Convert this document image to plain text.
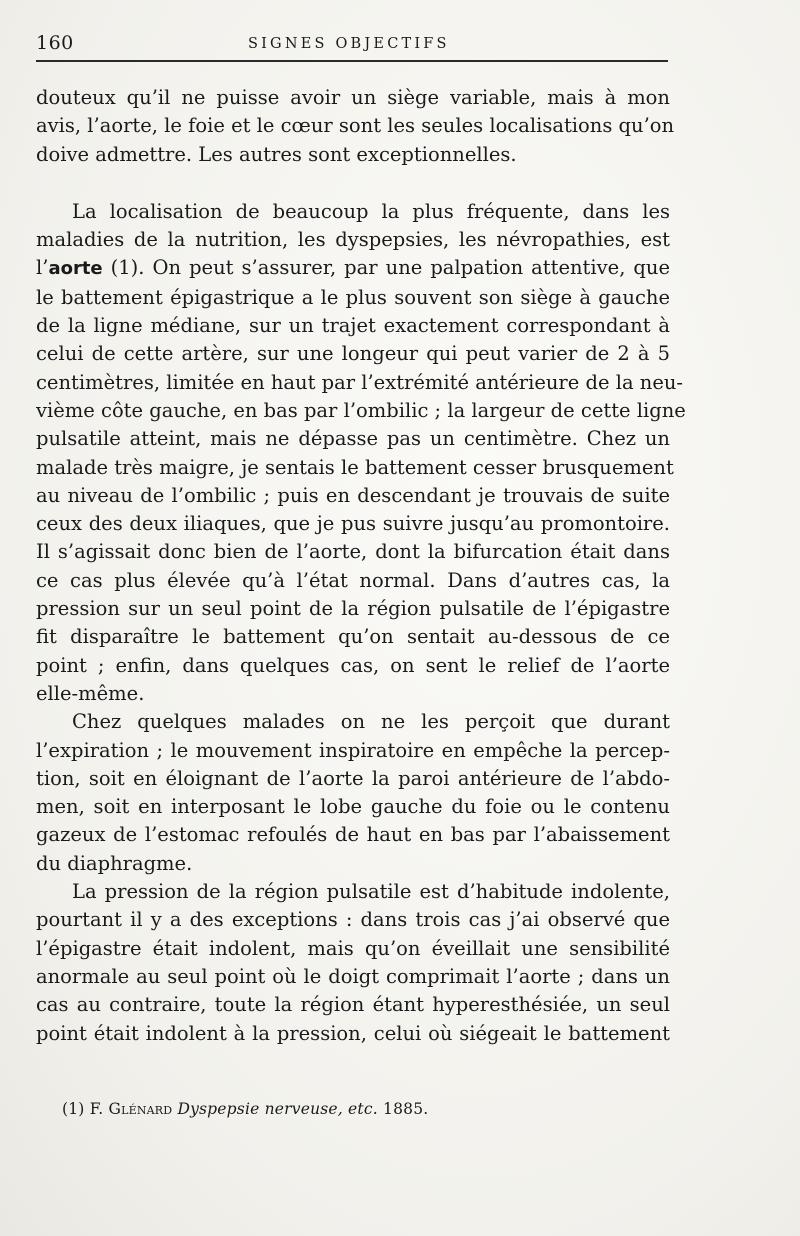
160	SIGNES OBJECTIFS

douteux qu’il ne puisse avoir un siège variable, mais à mon
avis, l’aorte, le foie et le cœur sont les seules localisations qu’on
doive admettre. Les autres sont exceptionnelles.

La localisation de beaucoup la plus fréquente, dans les
maladies de la nutrition, les dyspepsies, les névropathies, est
l’aorte (1). On peut s’assurer, par une palpation attentive, que
le battement épigastrique a le plus souvent son siège à gauche
de la ligne médiane, sur un trajet exactement correspondant à
celui de cette artère, sur une longeur qui peut varier de 2 à 5
centimètres, limitée en haut par l’extrémité antérieure de la neu-
vième côte gauche, en bas par l’ombilic ; la largeur de cette ligne
pulsatile atteint, mais ne dépasse pas un centimètre. Chez un
malade très maigre, je sentais le battement cesser brusquement
au niveau de l’ombilic ; puis en descendant je trouvais de suite
ceux des deux iliaques, que je pus suivre jusqu’au promontoire.
Il s’agissait donc bien de l’aorte, dont la bifurcation était dans
ce cas plus élevée qu’à l’état normal. Dans d’autres cas, la
pression sur un seul point de la région pulsatile de l’épigastre
fit disparaître le battement qu’on sentait au-dessous de ce
point ; enfin, dans quelques cas, on sent le relief de l’aorte
elle-même.

Chez quelques malades on ne les perçoit que durant
l’expiration ; le mouvement inspiratoire en empêche la percep-
tion, soit en éloignant de l’aorte la paroi antérieure de l’abdo-
men, soit en interposant le lobe gauche du foie ou le contenu
gazeux de l’estomac refoulés de haut en bas par l’abaissement
du diaphragme.

La pression de la région pulsatile est d’habitude indolente,
pourtant il y a des exceptions : dans trois cas j’ai observé que
l’épigastre était indolent, mais qu’on éveillait une sensibilité
anormale au seul point où le doigt comprimait l’aorte ; dans un
cas au contraire, toute la région étant hyperesthésiée, un seul
point était indolent à la pression, celui où siégeait le battement

(1) F. Glénard Dyspepsie nerveuse, etc. 1885.
